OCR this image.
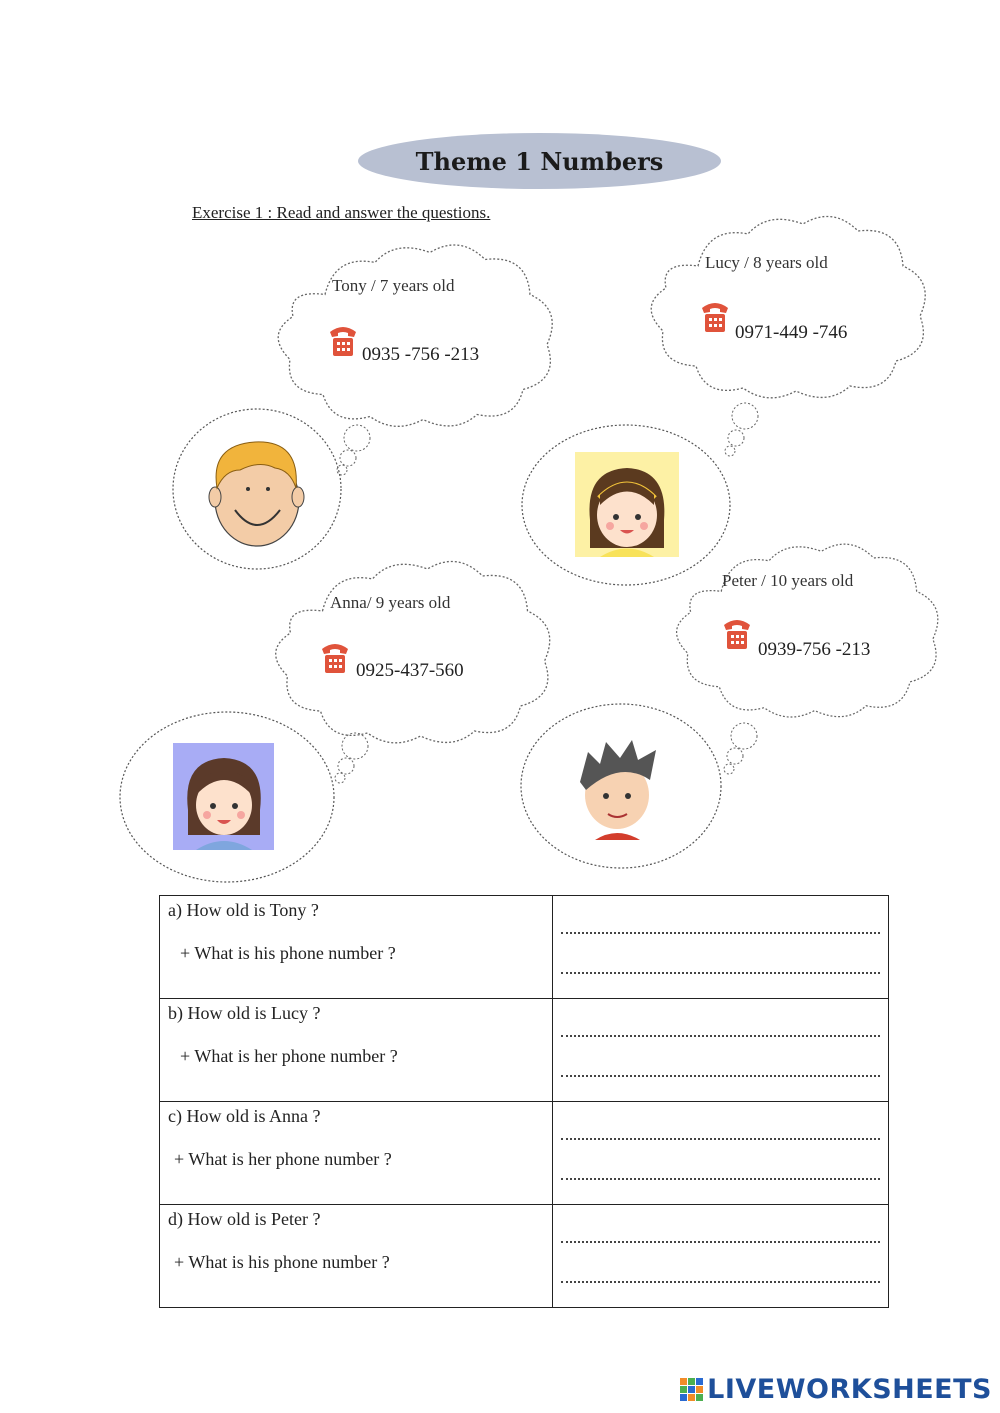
Theme 1 Numbers
Exercise 1 : Read and answer the questions.
Tony / 7 years old
0935 -756 -213
Lucy / 8 years old
0971-449 -746
Anna/ 9 years old
0925-437-560
Peter / 10 years old
0939-756 -213
a) How old is Tony ?
+ What is his phone number ?	

b) How old is Lucy ?
+ What is her phone number ?	

c) How old is Anna ?
+ What is her phone number ?	

d) How old is Peter ?
+ What is his phone number ?	

LIVEWORKSHEETS
